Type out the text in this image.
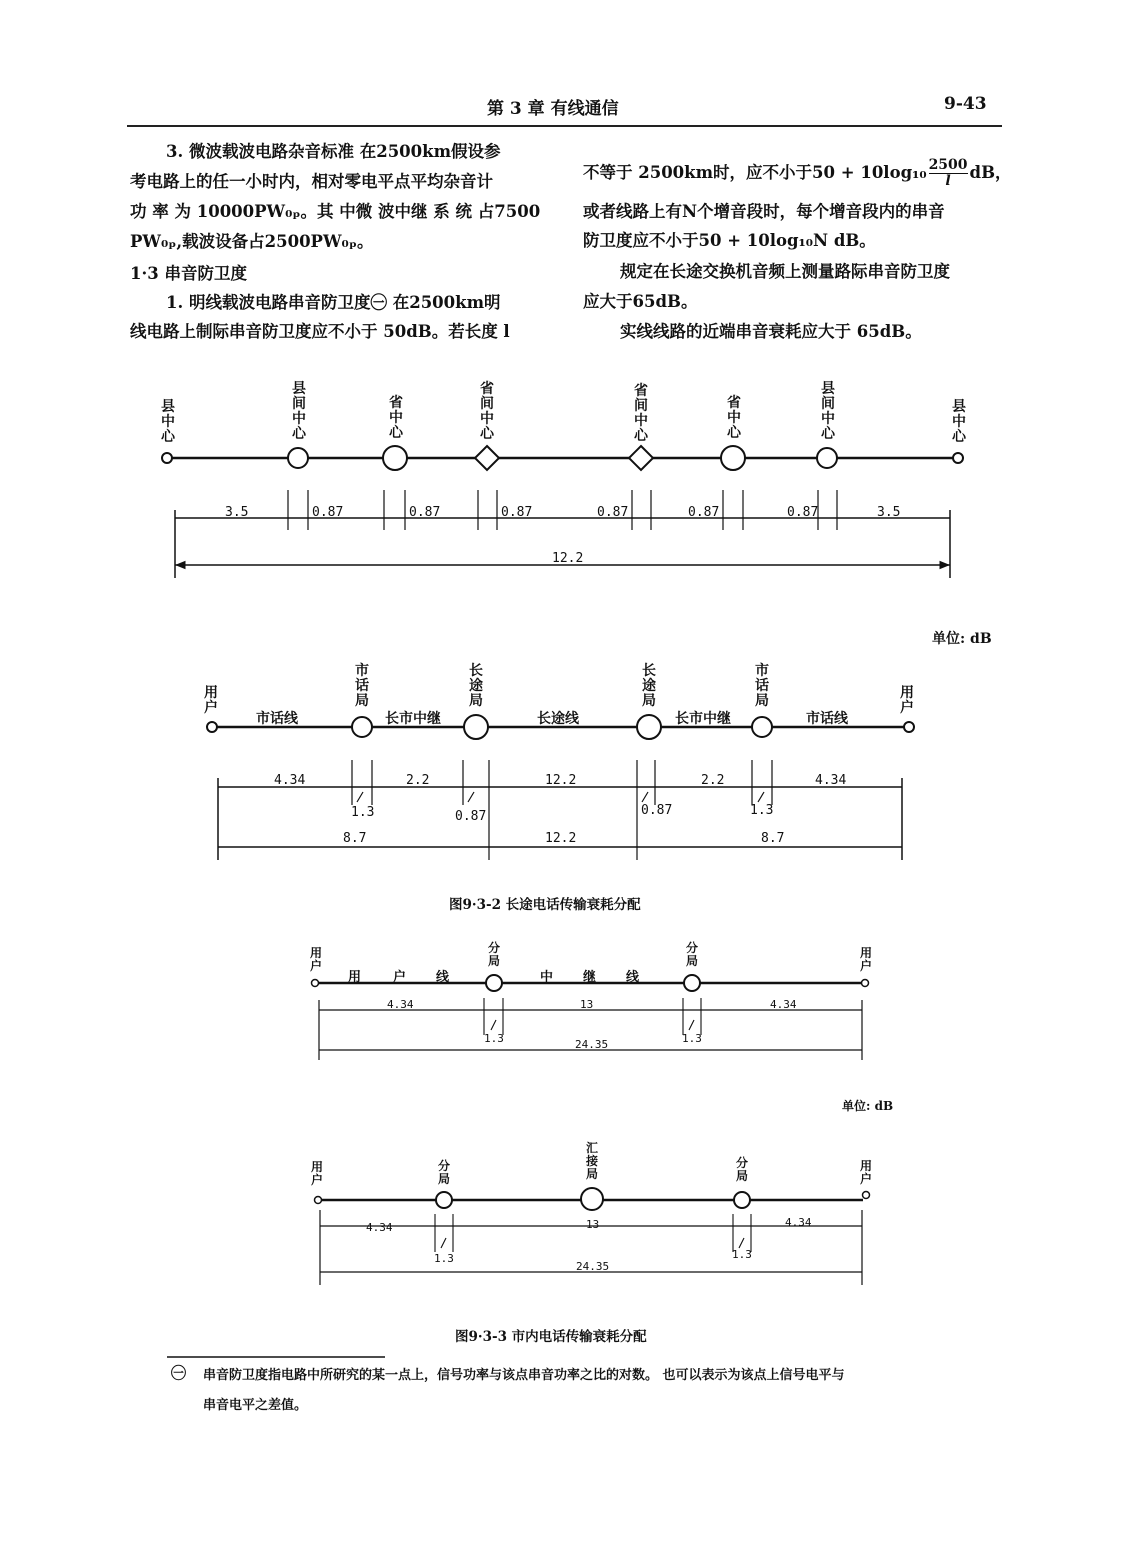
第 3 章 有线通信	9-43
3. 微波载波电路杂音标准 在2500km假设参
考电路上的任一小时内，相对零电平点平均杂音计
功 率 为 10000PW₀ₚ。其 中微 波中继 系 统 占7500
PW₀ₚ,载波设备占2500PW₀ₚ。
1·3 串音防卫度
1. 明线载波电路串音防卫度㊀ 在2500km明
线电路上制际串音防卫度应不小于 50dB。若长度 l
不等于 2500km时，应不小于$50 + 10\log_{10} \frac{2500}{l}$ dB，
或者线路上有N个增音段时，每个增音段内的串音
防卫度应不小于50 + 10log₁₀N dB。
规定在长途交换机音频上测量路际串音防卫度
应大于65dB。
实线线路的近端串音衰耗应大于 65dB。
3.5	0.87	0.87	0.87	0.87	0.87	0.87	3.5
12.2
4.34	2.2	12.2	2.2	4.34
1.3	0.87	0.87	1.3
8.7	12.2	8.7
4.34	13	4.34
1.3	1.3
24.35
4.34	13	4.34
1.3	1.3
24.35
县中心
县间中心
省中心
省间中心
省间中心
省中心
县间中心
县中心
单位: dB
用户
市话局
长途局
长途局
市话局	用户
市话线	长市中继	长途线	长市中继	市话线
图9·3-2 长途电话传输衰耗分配
用户
分局
分局
用户
用 户 线	中 继 线
单位: dB
用户
分局
汇接局
分局
用户
图9·3-3 市内电话传输衰耗分配
㊀ 串音防卫度指电路中所研究的某一点上，信号功率与该点串音功率之比的对数。 也可以表示为该点上信号电平与
串音电平之差值。
